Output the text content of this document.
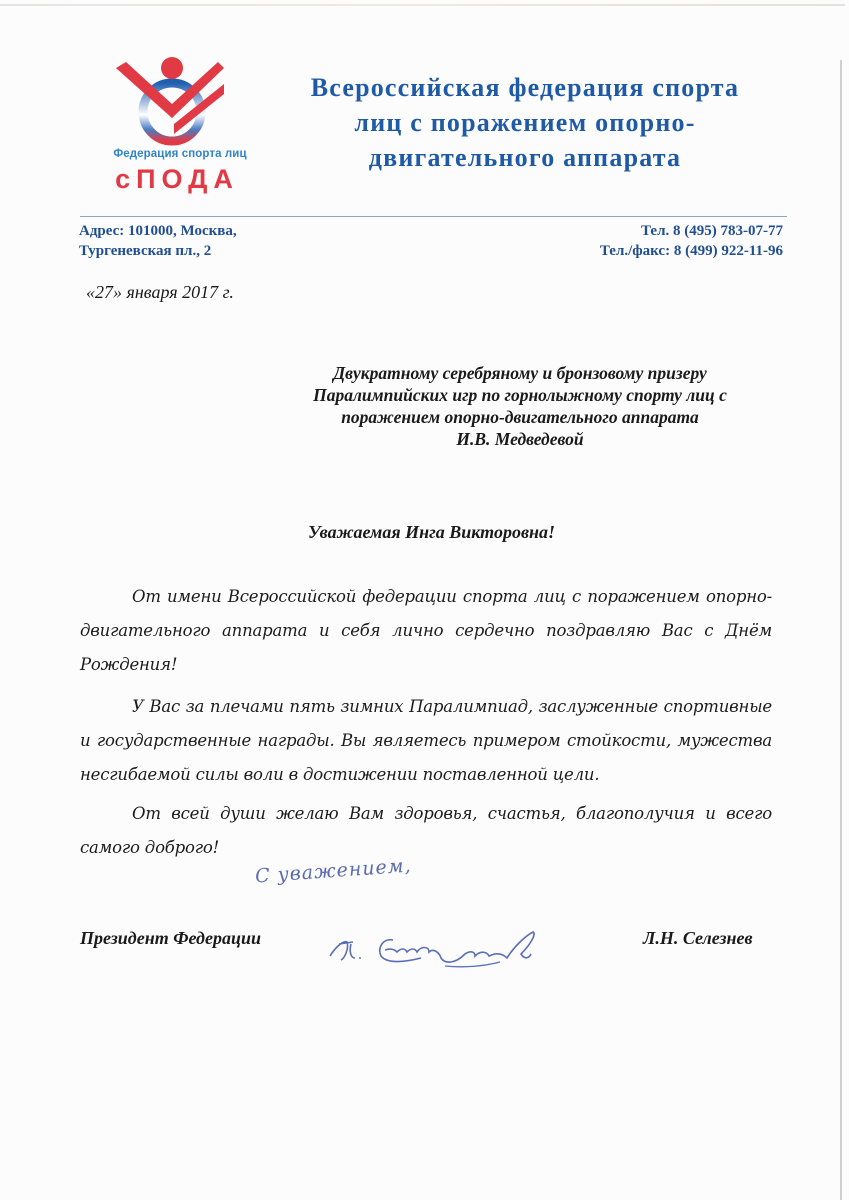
Федерация спорта лиц
сПОДА
Всероссийская федерация спорта
лиц с поражением опорно-
двигательного аппарата
Адрес: 101000, Москва,
Тургеневская пл., 2
Тел. 8 (495) 783-07-77
Тел./факс: 8 (499) 922-11-96
«27» января 2017 г.
Двукратному серебряному и бронзовому призеру
Паралимпийских игр по горнолыжному спорту лиц с
поражением опорно-двигательного аппарата
И.В. Медведевой
Уважаемая Инга Викторовна!
От имени Всероссийской федерации спорта лиц с поражением опорно-двигательного аппарата и себя лично сердечно поздравляю Вас с Днём Рождения!
У Вас за плечами пять зимних Паралимпиад, заслуженные спортивные и государственные награды. Вы являетесь примером стойкости, мужества несгибаемой силы воли в достижении поставленной цели.
От всей души желаю Вам здоровья, счастья, благополучия и всего самого доброго!
С уважением,
Президент Федерации	Л.Н. Селезнев
